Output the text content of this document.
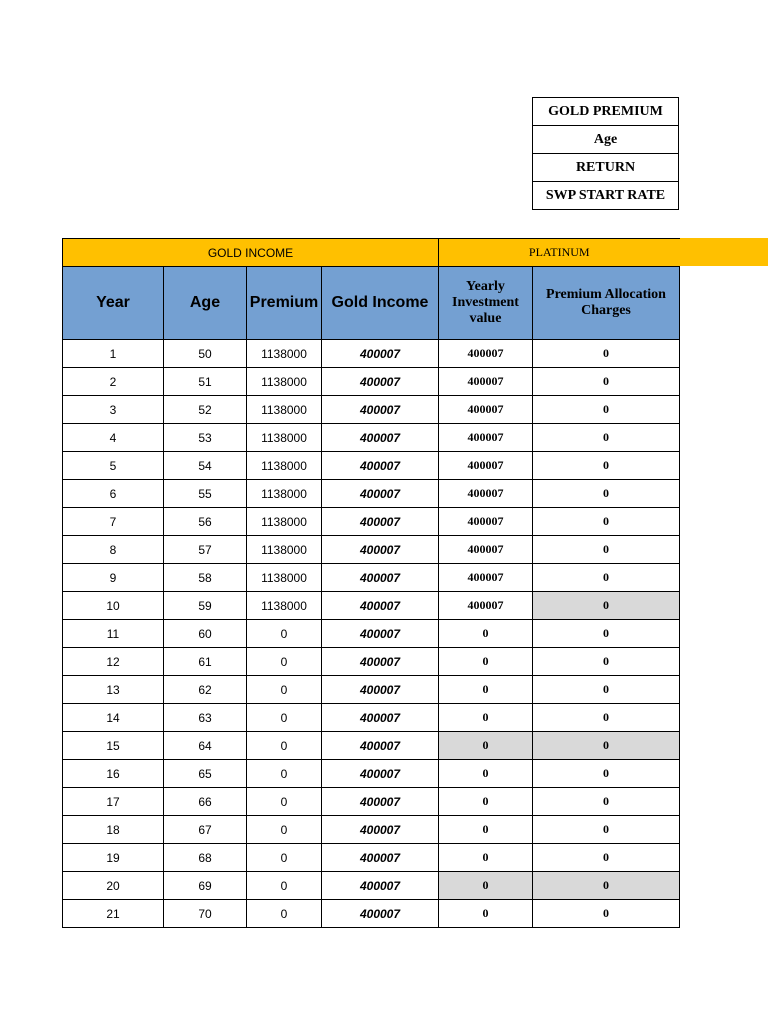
GOLD PREMIUM
Age
RETURN
SWP START RATE
GOLD INCOME				PLATINUM	
Year	Age	Premium	Gold Income	Yearly Investment value	Premium Allocation Charges
1	50	1138000	400007	400007	0
2	51	1138000	400007	400007	0
3	52	1138000	400007	400007	0
4	53	1138000	400007	400007	0
5	54	1138000	400007	400007	0
6	55	1138000	400007	400007	0
7	56	1138000	400007	400007	0
8	57	1138000	400007	400007	0
9	58	1138000	400007	400007	0
10	59	1138000	400007	400007	0
11	60	0	400007	0	0
12	61	0	400007	0	0
13	62	0	400007	0	0
14	63	0	400007	0	0
15	64	0	400007	0	0
16	65	0	400007	0	0
17	66	0	400007	0	0
18	67	0	400007	0	0
19	68	0	400007	0	0
20	69	0	400007	0	0
21	70	0	400007	0	0
